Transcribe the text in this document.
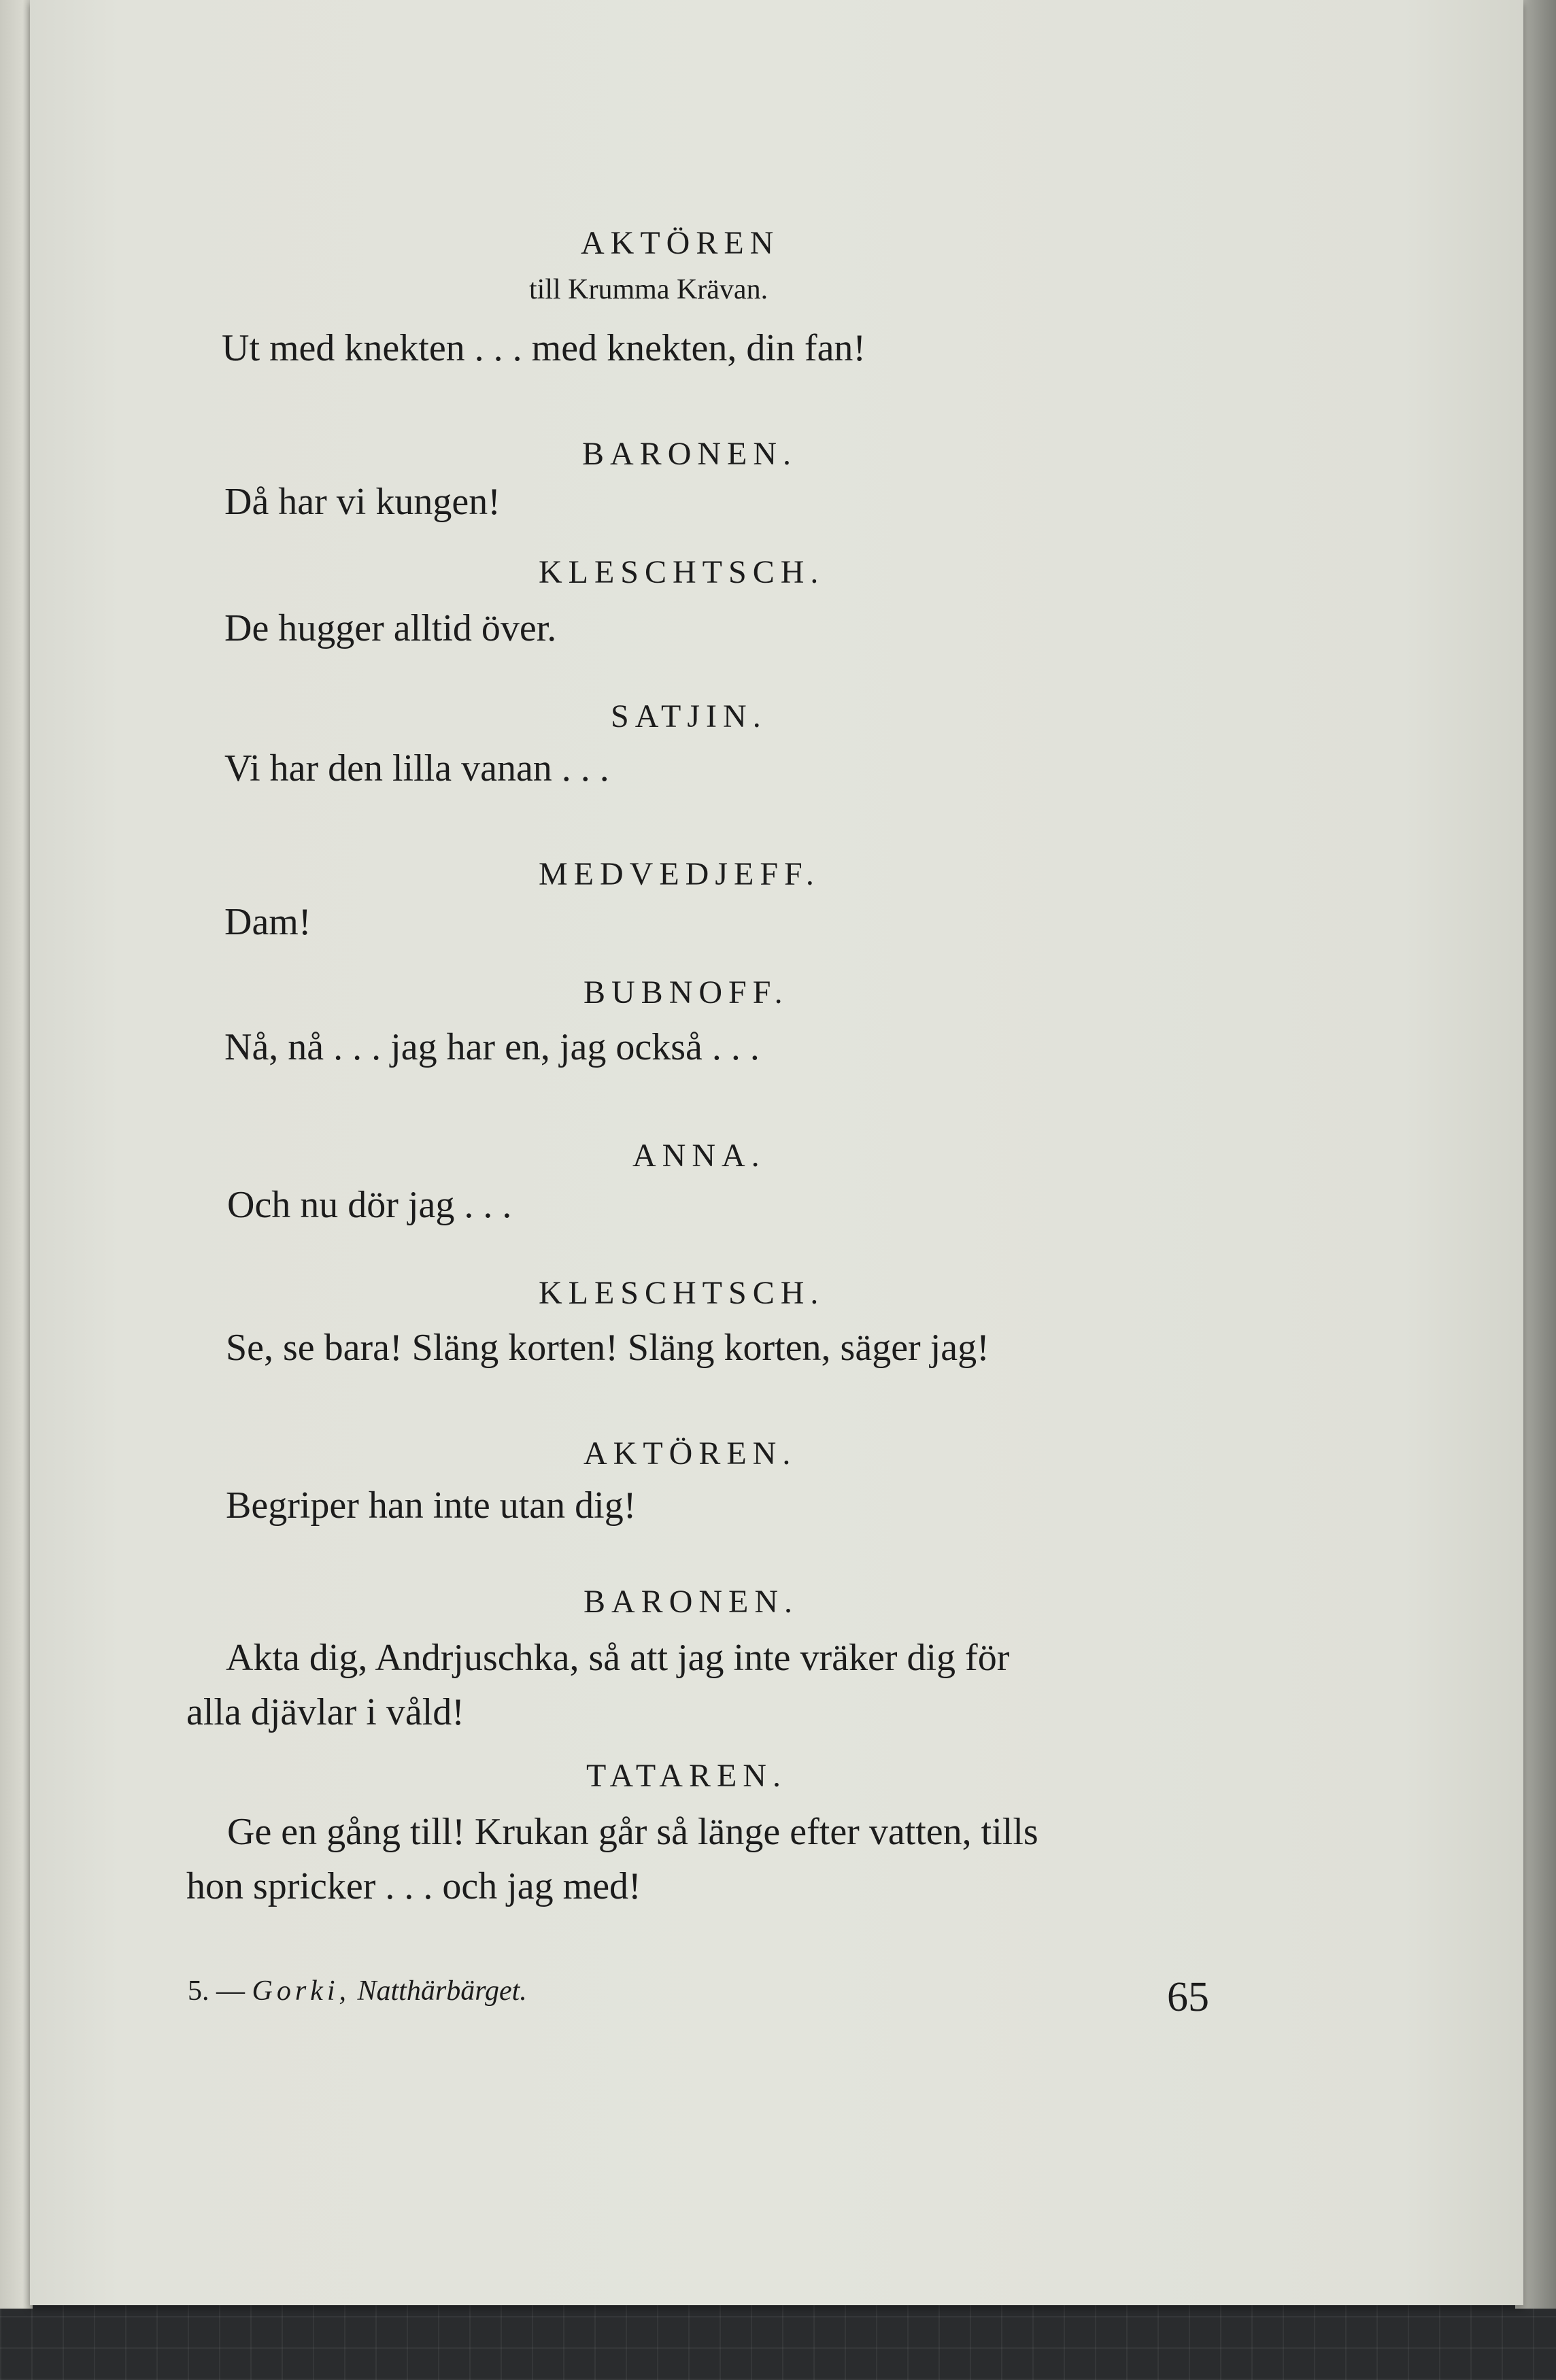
AKTÖREN
till Krumma Krävan.
Ut med knekten . . . med knekten, din fan!
BARONEN.
Då har vi kungen!
KLESCHTSCH.
De hugger alltid över.
SATJIN.
Vi har den lilla vanan . . .
MEDVEDJEFF.
Dam!
BUBNOFF.
Nå, nå . . . jag har en, jag också . . .
ANNA.
Och nu dör jag . . .
KLESCHTSCH.
Se, se bara! Släng korten! Släng korten, säger jag!
AKTÖREN.
Begriper han inte utan dig!
BARONEN.
Akta dig, Andrjuschka, så att jag inte vräker dig för
alla djävlar i våld!
TATAREN.
Ge en gång till! Krukan går så länge efter vatten, tills
hon spricker . . . och jag med!
5. — Gorki, Natthärbärget.	65
